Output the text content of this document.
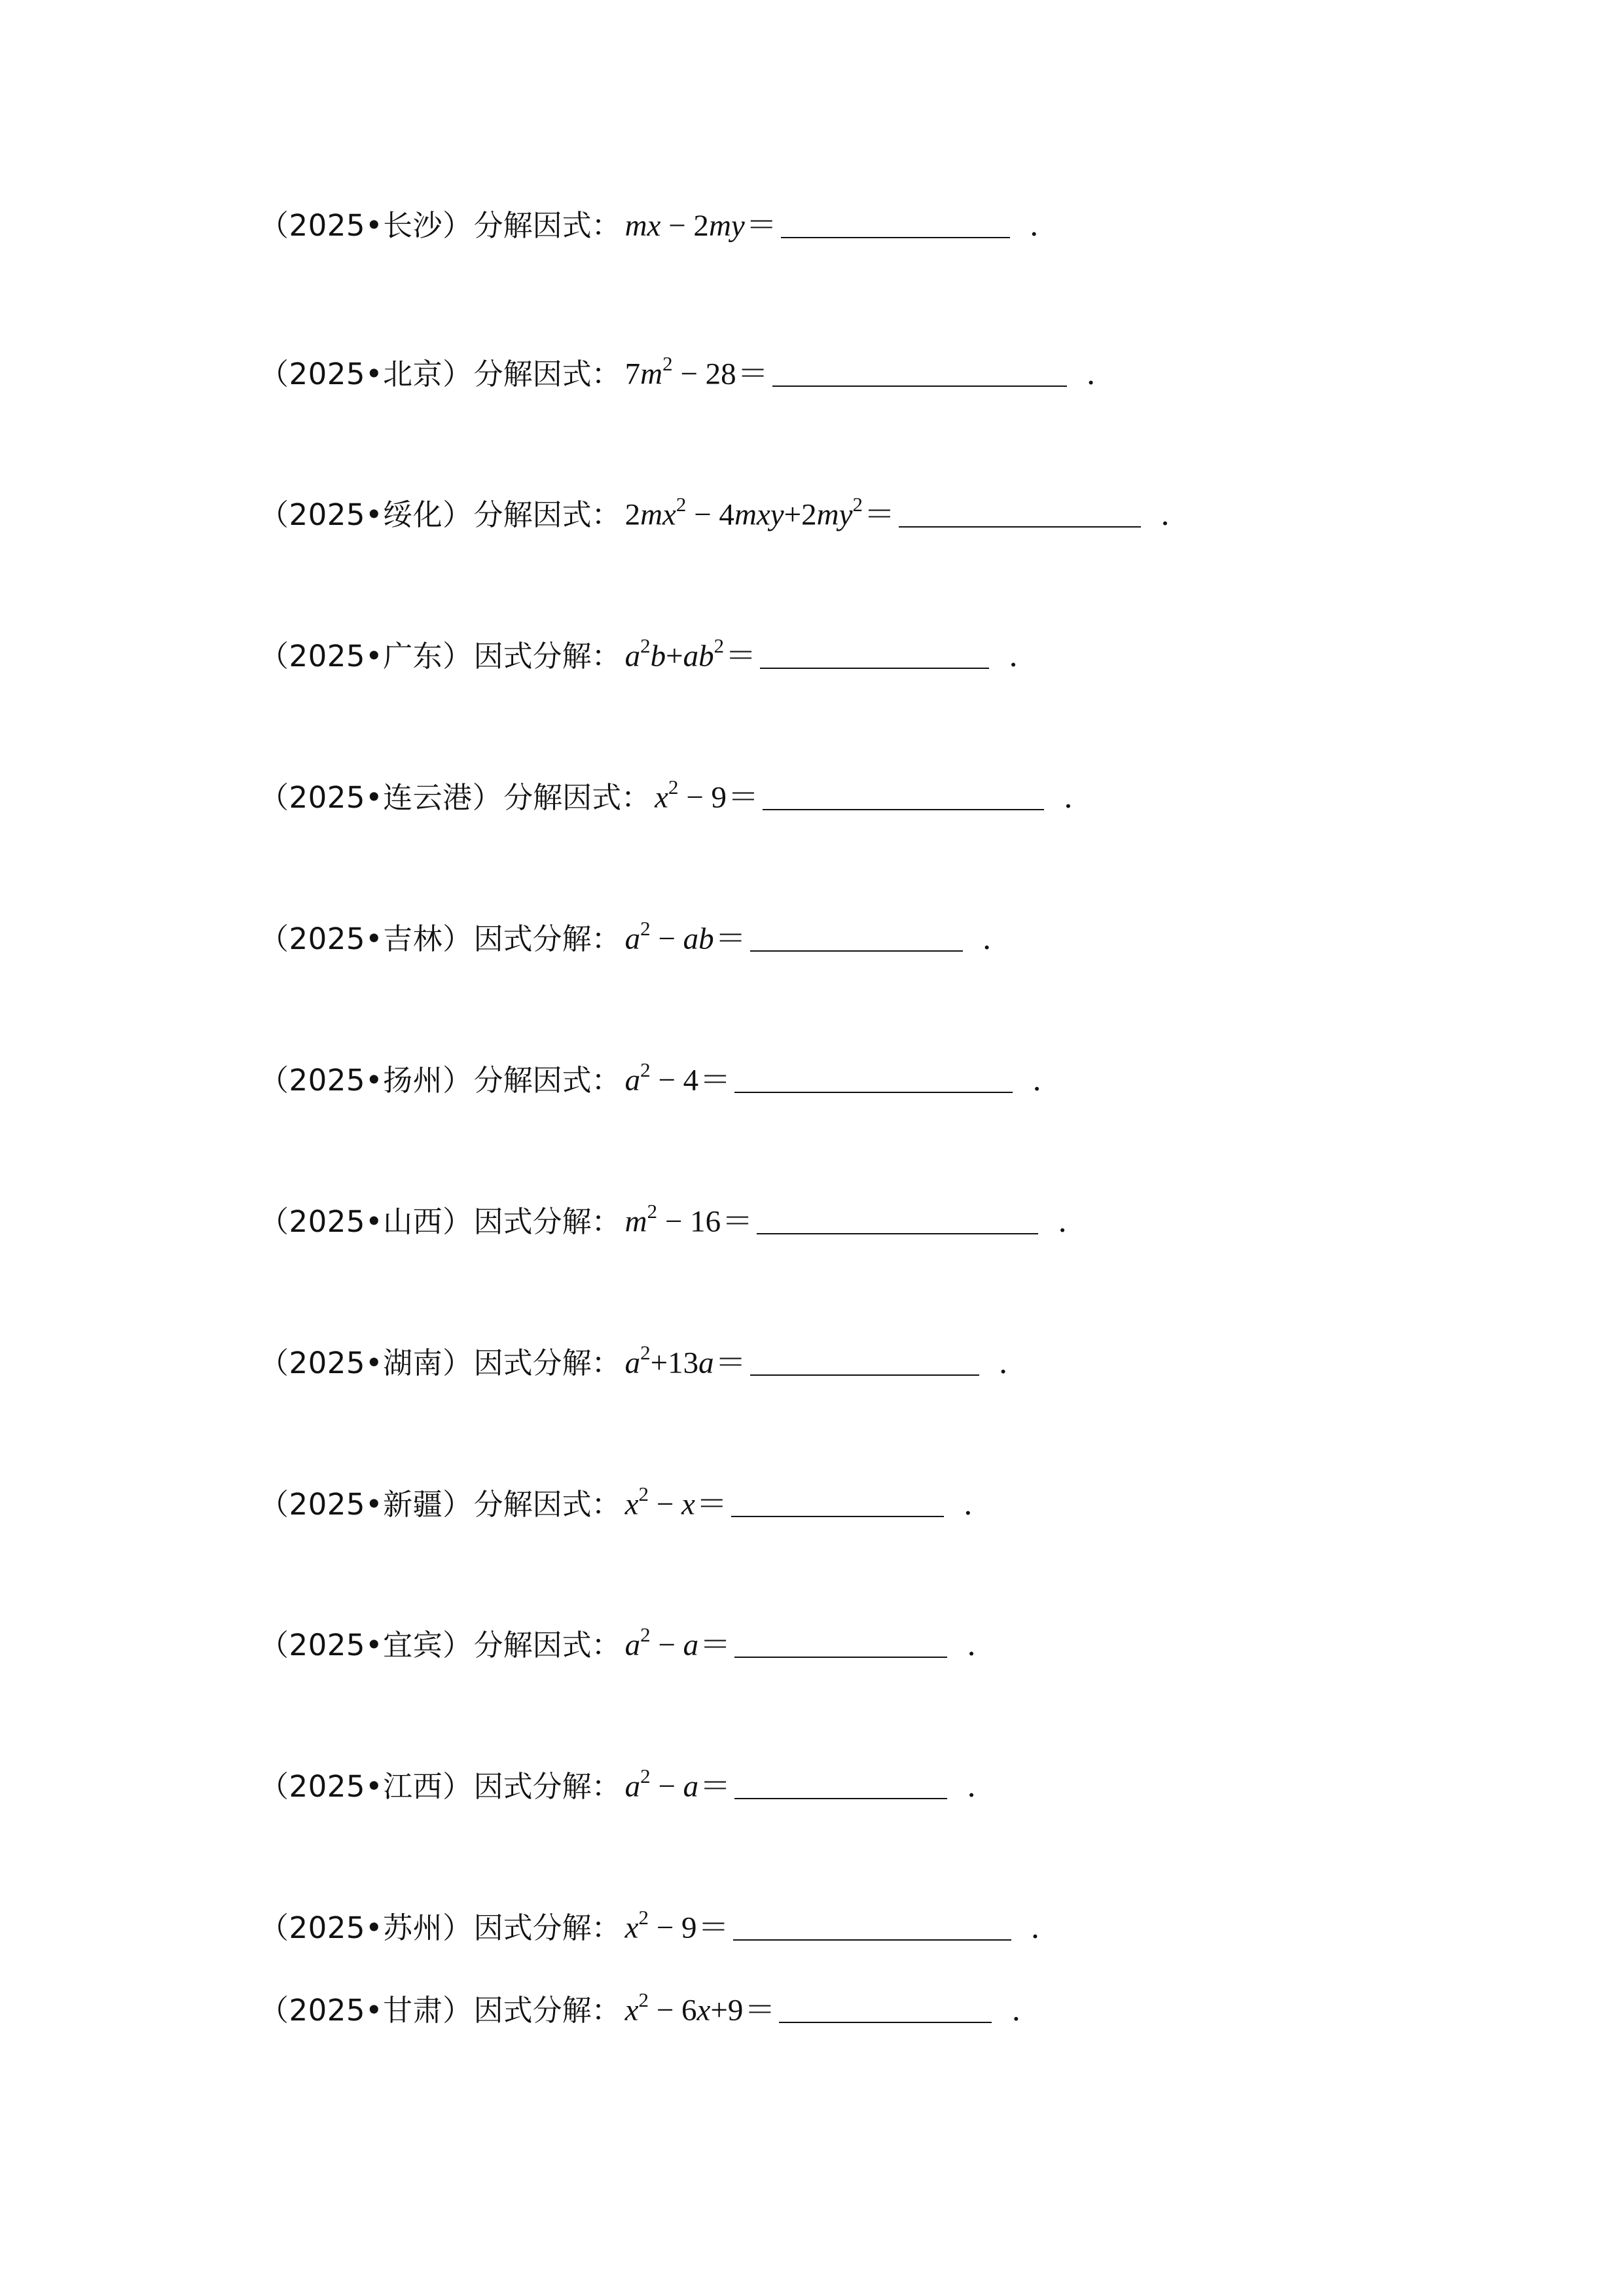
（2025•长沙） 分解因式 ： mx − 2my ＝	．
（2025•北京） 分解因式 ： $7m^2 - 28$ ＝	．
（2025•绥化） 分解因式 ： $2mx^2 - 4mxy+2my^2$ ＝	．
（2025•广东） 因式分解 ： $a^2b+ab^2$ ＝	．
（2025•连云港） 分解因式 ： $x^2 - 9$ ＝	．
（2025•吉林） 因式分解 ： $a^2$ − ab ＝	．
（2025•扬州） 分解因式 ： $a^2 - 4$ ＝	．
（2025•山西） 因式分解 ： $m^2 - 16$ ＝	．
（2025•湖南） 因式分解 ： $a^2+13a$ ＝	．
（2025•新疆） 分解因式 ： $x^2 - x$ ＝	．
（2025•宜宾） 分解因式 ： $a^2 - a$ ＝	．
（2025•江西） 因式分解 ： $a^2 - a$ ＝	．
（2025•苏州） 因式分解 ： $x^2 - 9$ ＝	．
（2025•甘肃） 因式分解 ： $x^2 - 6x+9$ ＝	．
